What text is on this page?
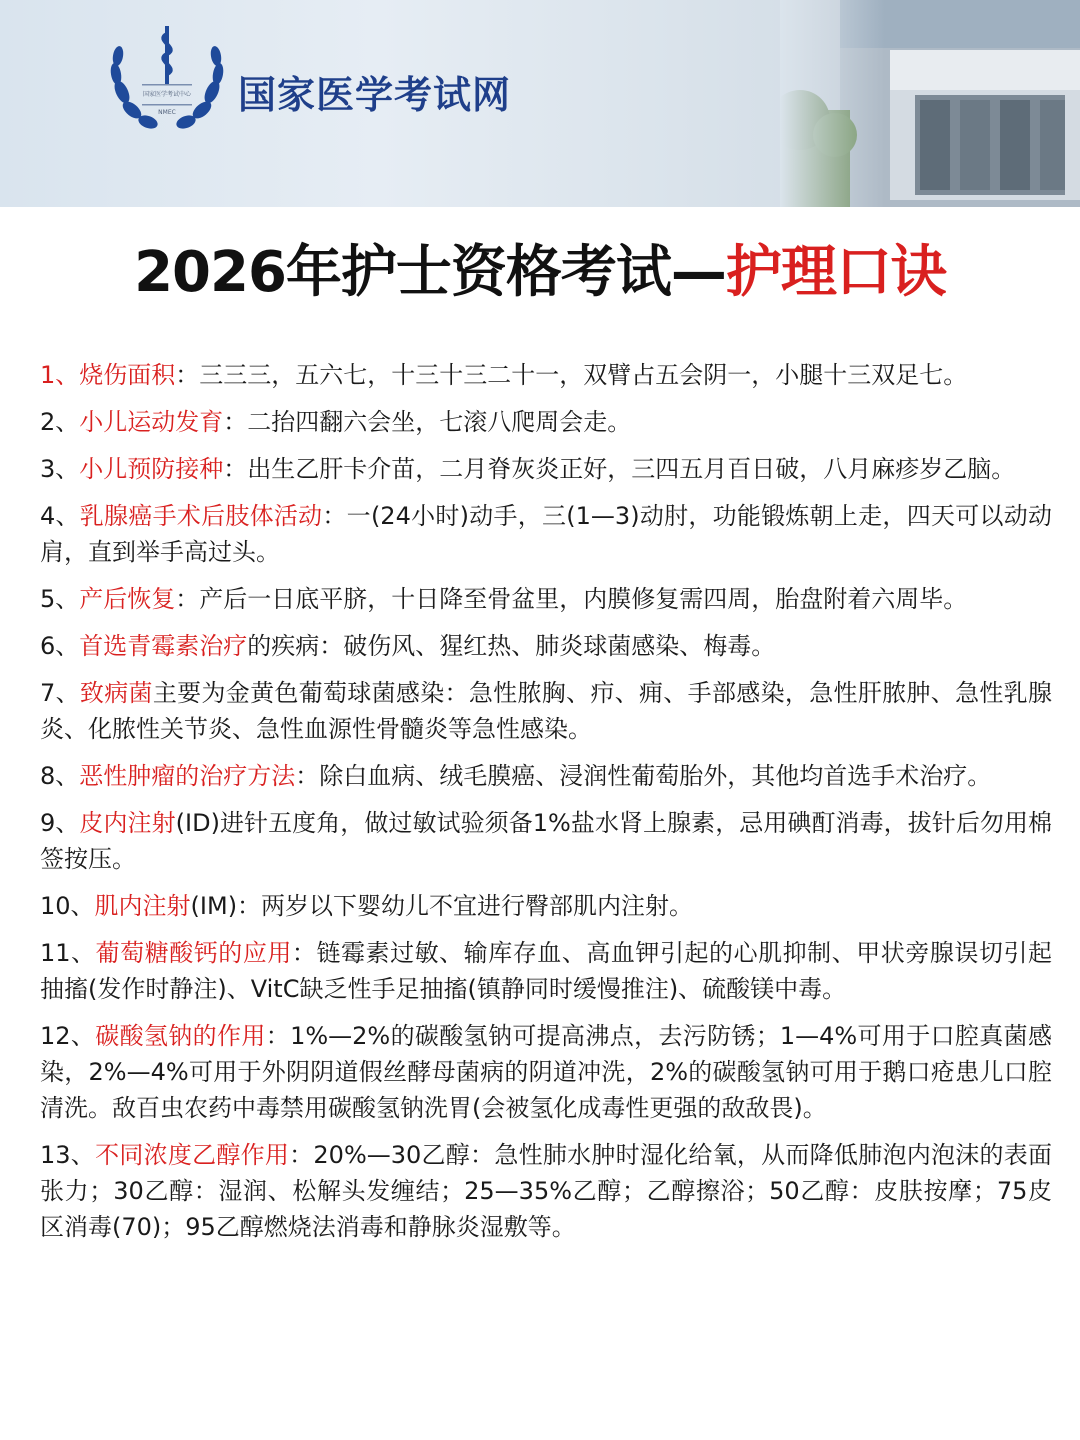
国家医学考试中心
NMEC 国家医学考试网
2026年护士资格考试—护理口诀

1、烧伤面积：三三三，五六七，十三十三二十一，双臂占五会阴一，小腿十三双足七。

2、小儿运动发育：二抬四翻六会坐，七滚八爬周会走。

3、小儿预防接种：出生乙肝卡介苗，二月脊灰炎正好，三四五月百日破，八月麻疹岁乙脑。

4、乳腺癌手术后肢体活动：一(24小时)动手，三(1—3)动肘，功能锻炼朝上走，四天可以动动肩，直到举手高过头。

5、产后恢复：产后一日底平脐，十日降至骨盆里，内膜修复需四周，胎盘附着六周毕。

6、首选青霉素治疗的疾病：破伤风、猩红热、肺炎球菌感染、梅毒。

7、致病菌主要为金黄色葡萄球菌感染：急性脓胸、疖、痈、手部感染，急性肝脓肿、急性乳腺炎、化脓性关节炎、急性血源性骨髓炎等急性感染。

8、恶性肿瘤的治疗方法：除白血病、绒毛膜癌、浸润性葡萄胎外，其他均首选手术治疗。

9、皮内注射(ID)进针五度角，做过敏试验须备1%盐水肾上腺素，忌用碘酊消毒，拔针后勿用棉签按压。

10、肌内注射(IM)：两岁以下婴幼儿不宜进行臀部肌内注射。

11、葡萄糖酸钙的应用：链霉素过敏、输库存血、高血钾引起的心肌抑制、甲状旁腺误切引起抽搐(发作时静注)、VitC缺乏性手足抽搐(镇静同时缓慢推注)、硫酸镁中毒。

12、碳酸氢钠的作用：1%—2%的碳酸氢钠可提高沸点，去污防锈；1—4%可用于口腔真菌感染，2%—4%可用于外阴阴道假丝酵母菌病的阴道冲洗，2%的碳酸氢钠可用于鹅口疮患儿口腔清洗。敌百虫农药中毒禁用碳酸氢钠洗胃(会被氢化成毒性更强的敌敌畏)。

13、不同浓度乙醇作用：20%—30乙醇：急性肺水肿时湿化给氧，从而降低肺泡内泡沫的表面张力；30乙醇：湿润、松解头发缠结；25—35%乙醇；乙醇擦浴；50乙醇：皮肤按摩；75皮区消毒(70)；95乙醇燃烧法消毒和静脉炎湿敷等。
